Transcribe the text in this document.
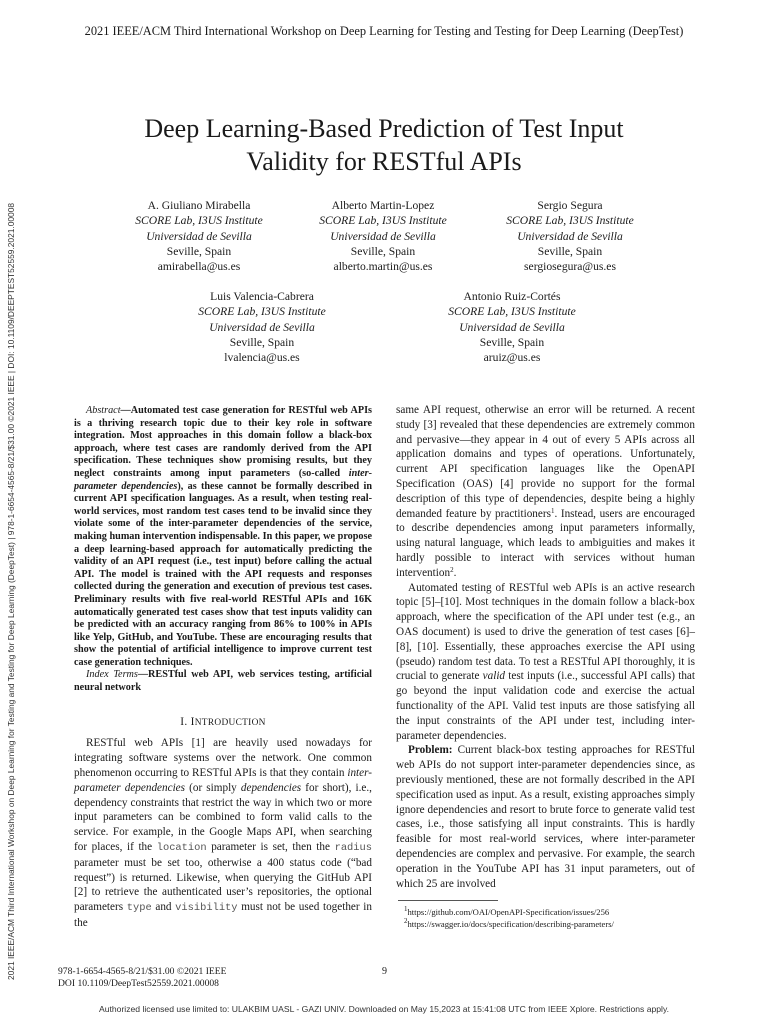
2021 IEEE/ACM Third International Workshop on Deep Learning for Testing and Testing for Deep Learning (DeepTest)
2021 IEEE/ACM Third International Workshop on Deep Learning for Testing and Testing for Deep Learning (DeepTest) | 978-1-6654-4565-8/21/$31.00 ©2021 IEEE | DOI: 10.1109/DEEPTEST52559.2021.00008
Deep Learning-Based Prediction of Test Input
Validity for RESTful APIs
A. Giuliano Mirabella
SCORE Lab, I3US Institute
Universidad de Sevilla
Seville, Spain
amirabella@us.es
Alberto Martin-Lopez
SCORE Lab, I3US Institute
Universidad de Sevilla
Seville, Spain
alberto.martin@us.es
Sergio Segura
SCORE Lab, I3US Institute
Universidad de Sevilla
Seville, Spain
sergiosegura@us.es
Luis Valencia-Cabrera
SCORE Lab, I3US Institute
Universidad de Sevilla
Seville, Spain
lvalencia@us.es
Antonio Ruiz-Cortés
SCORE Lab, I3US Institute
Universidad de Sevilla
Seville, Spain
aruiz@us.es

Abstract—Automated test case generation for RESTful web APIs is a thriving research topic due to their key role in software integration. Most approaches in this domain follow a black-box approach, where test cases are randomly derived from the API specification. These techniques show promising results, but they neglect constraints among input parameters (so-called inter-parameter dependencies), as these cannot be formally described in current API specification languages. As a result, when testing real-world services, most random test cases tend to be invalid since they violate some of the inter-parameter dependencies of the service, making human intervention indispensable. In this paper, we propose a deep learning-based approach for automatically predicting the validity of an API request (i.e., test input) before calling the actual API. The model is trained with the API requests and responses collected during the generation and execution of previous test cases. Preliminary results with five real-world RESTful APIs and 16K automatically generated test cases show that test inputs validity can be predicted with an accuracy ranging from 86% to 100% in APIs like Yelp, GitHub, and YouTube. These are encouraging results that show the potential of artificial intelligence to improve current test case generation techniques.

Index Terms—RESTful web API, web services testing, artificial neural network

I. INTRODUCTION

RESTful web APIs [1] are heavily used nowadays for integrating software systems over the network. One common phenomenon occurring to RESTful APIs is that they contain inter-parameter dependencies (or simply dependencies for short), i.e., dependency constraints that restrict the way in which two or more input parameters can be combined to form valid calls to the service. For example, in the Google Maps API, when searching for places, if the location parameter is set, then the radius parameter must be set too, otherwise a 400 status code (“bad request”) is returned. Likewise, when querying the GitHub API [2] to retrieve the authenticated user’s repositories, the optional parameters type and visibility must not be used together in the

same API request, otherwise an error will be returned. A recent study [3] revealed that these dependencies are extremely common and pervasive—they appear in 4 out of every 5 APIs across all application domains and types of operations. Unfortunately, current API specification languages like the OpenAPI Specification (OAS) [4] provide no support for the formal description of this type of dependencies, despite being a highly demanded feature by practitioners$^1$. Instead, users are encouraged to describe dependencies among input parameters informally, using natural language, which leads to ambiguities and makes it hardly possible to interact with services without human intervention$^2$.

Automated testing of RESTful web APIs is an active research topic [5]–[10]. Most techniques in the domain follow a black-box approach, where the specification of the API under test (e.g., an OAS document) is used to drive the generation of test cases [6]–[8], [10]. Essentially, these approaches exercise the API using (pseudo) random test data. To test a RESTful API thoroughly, it is crucial to generate valid test inputs (i.e., successful API calls) that go beyond the input validation code and exercise the actual functionality of the API. Valid test inputs are those satisfying all the input constraints of the API under test, including inter-parameter dependencies.

Problem: Current black-box testing approaches for RESTful web APIs do not support inter-parameter dependencies since, as previously mentioned, these are not formally described in the API specification used as input. As a result, existing approaches simply ignore dependencies and resort to brute force to generate valid test cases, i.e., those satisfying all input constraints. This is hardly feasible for most real-world services, where inter-parameter dependencies are complex and pervasive. For example, the search operation in the YouTube API has 31 input parameters, out of which 25 are involved

$^1$https://github.com/OAI/OpenAPI-Specification/issues/256
$^2$https://swagger.io/docs/specification/describing-parameters/
978-1-6654-4565-8/21/$31.00 ©2021 IEEE
DOI 10.1109/DeepTest52559.2021.00008
9
Authorized licensed use limited to: ULAKBIM UASL - GAZI UNIV. Downloaded on May 15,2023 at 15:41:08 UTC from IEEE Xplore. Restrictions apply.
